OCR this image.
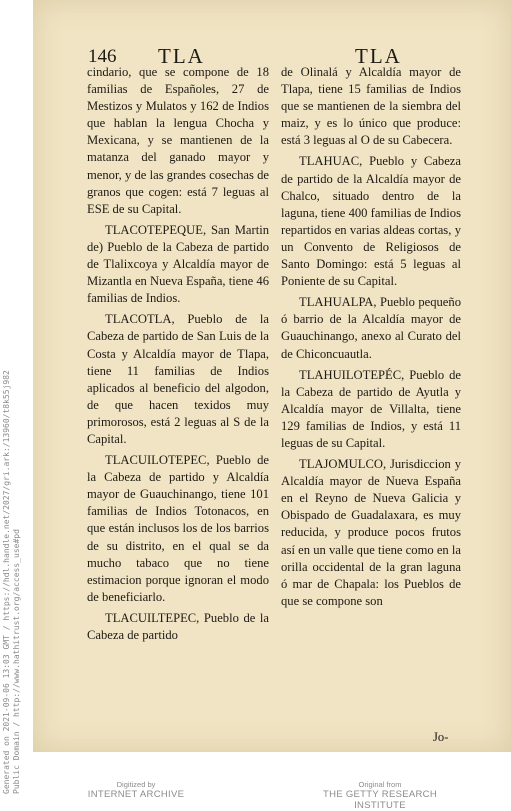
146 TLA	TLA

cindario, que se compone de 18 familias de Españoles, 27 de Mestizos y Mulatos y 162 de Indios que hablan la lengua Chocha y Mexicana, y se mantienen de la matanza del ganado mayor y menor, y de las grandes cosechas de granos que cogen: está 7 leguas al ESE de su Capital.

TLACOTEPEQUE, San Martin de) Pueblo de la Cabeza de partido de Tlalixcoya y Alcaldía mayor de Mizantla en Nueva España, tiene 46 familias de Indios.

TLACOTLA, Pueblo de la Cabeza de partido de San Luis de la Costa y Alcaldía mayor de Tlapa, tiene 11 familias de Indios aplicados al beneficio del algodon, de que hacen texidos muy primorosos, está 2 leguas al S de la Capital.

TLACUILOTEPEC, Pueblo de la Cabeza de partido y Alcaldía mayor de Guauchinango, tiene 101 familias de Indios Totonacos, en que están inclusos los de los barrios de su distrito, en el qual se da mucho tabaco que no tiene estimacion porque ignoran el modo de beneficiarlo.

TLACUILTEPEC, Pueblo de la Cabeza de partido

de Olinalá y Alcaldía mayor de Tlapa, tiene 15 familias de Indios que se mantienen de la siembra del maiz, y es lo único que produce: está 3 leguas al O de su Cabecera.

TLAHUAC, Pueblo y Cabeza de partido de la Alcaldía mayor de Chalco, situado dentro de la laguna, tiene 400 familias de Indios repartidos en varias aldeas cortas, y un Convento de Religiosos de Santo Domingo: está 5 leguas al Poniente de su Capital.

TLAHUALPA, Pueblo pequeño ó barrio de la Alcaldía mayor de Guauchinango, anexo al Curato del de Chiconcuautla.

TLAHUILOTEPÉC, Pueblo de la Cabeza de partido de Ayutla y Alcaldía mayor de Villalta, tiene 129 familias de Indios, y está 11 leguas de su Capital.

TLAJOMULCO, Jurisdiccion y Alcaldía mayor de Nueva España en el Reyno de Nueva Galicia y Obispado de Guadalaxara, es muy reducida, y produce pocos frutos así en un valle que tiene como en la orilla occidental de la gran laguna ó mar de Chapala: los Pueblos de que se compone son

Jo-
Generated on 2021-09-06 13:03 GMT / https://hdl.handle.net/2027/gri.ark:/13960/t8k55j982 Public Domain / http://www.hathitrust.org/access_use#pd	Digitized by
INTERNET ARCHIVE
Original from
THE GETTY RESEARCH INSTITUTE
